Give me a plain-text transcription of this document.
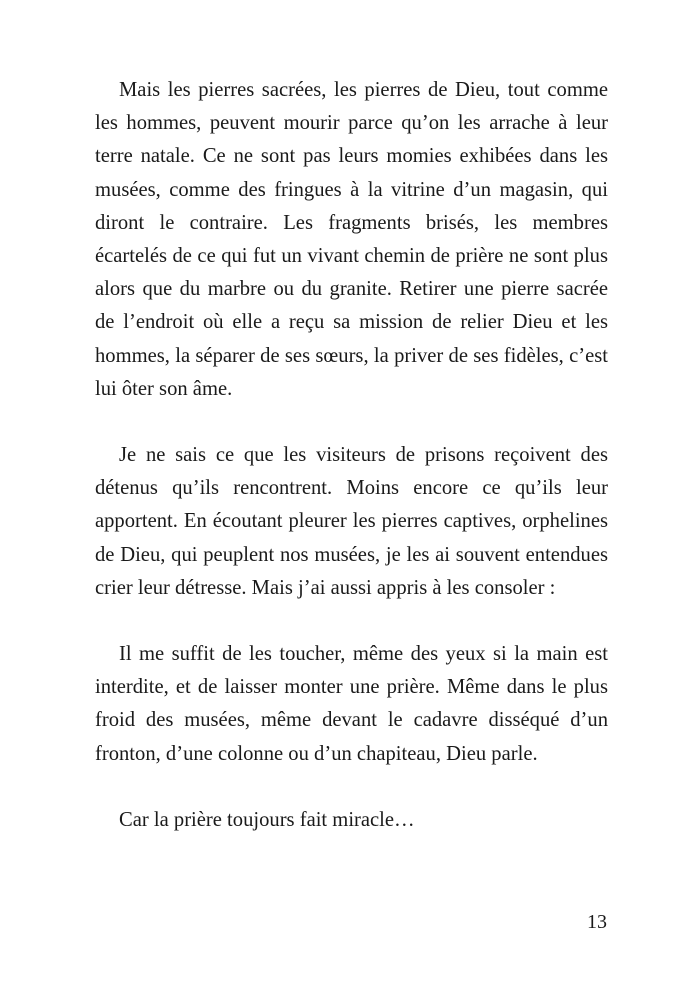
Mais les pierres sacrées, les pierres de Dieu, tout comme les hommes, peuvent mourir parce qu’on les arrache à leur terre natale. Ce ne sont pas leurs momies exhibées dans les musées, comme des fringues à la vitrine d’un magasin, qui diront le contraire. Les fragments brisés, les membres écartelés de ce qui fut un vivant chemin de prière ne sont plus alors que du marbre ou du granite. Retirer une pierre sacrée de l’endroit où elle a reçu sa mission de relier Dieu et les hommes, la séparer de ses sœurs, la priver de ses fidèles, c’est lui ôter son âme.

Je ne sais ce que les visiteurs de prisons reçoivent des détenus qu’ils rencontrent. Moins encore ce qu’ils leur apportent. En écoutant pleurer les pierres captives, orphelines de Dieu, qui peuplent nos musées, je les ai souvent entendues crier leur détresse. Mais j’ai aussi appris à les consoler :

Il me suffit de les toucher, même des yeux si la main est interdite, et de laisser monter une prière. Même dans le plus froid des musées, même devant le cadavre disséqué d’un fronton, d’une colonne ou d’un chapiteau, Dieu parle.

Car la prière toujours fait miracle…

13
